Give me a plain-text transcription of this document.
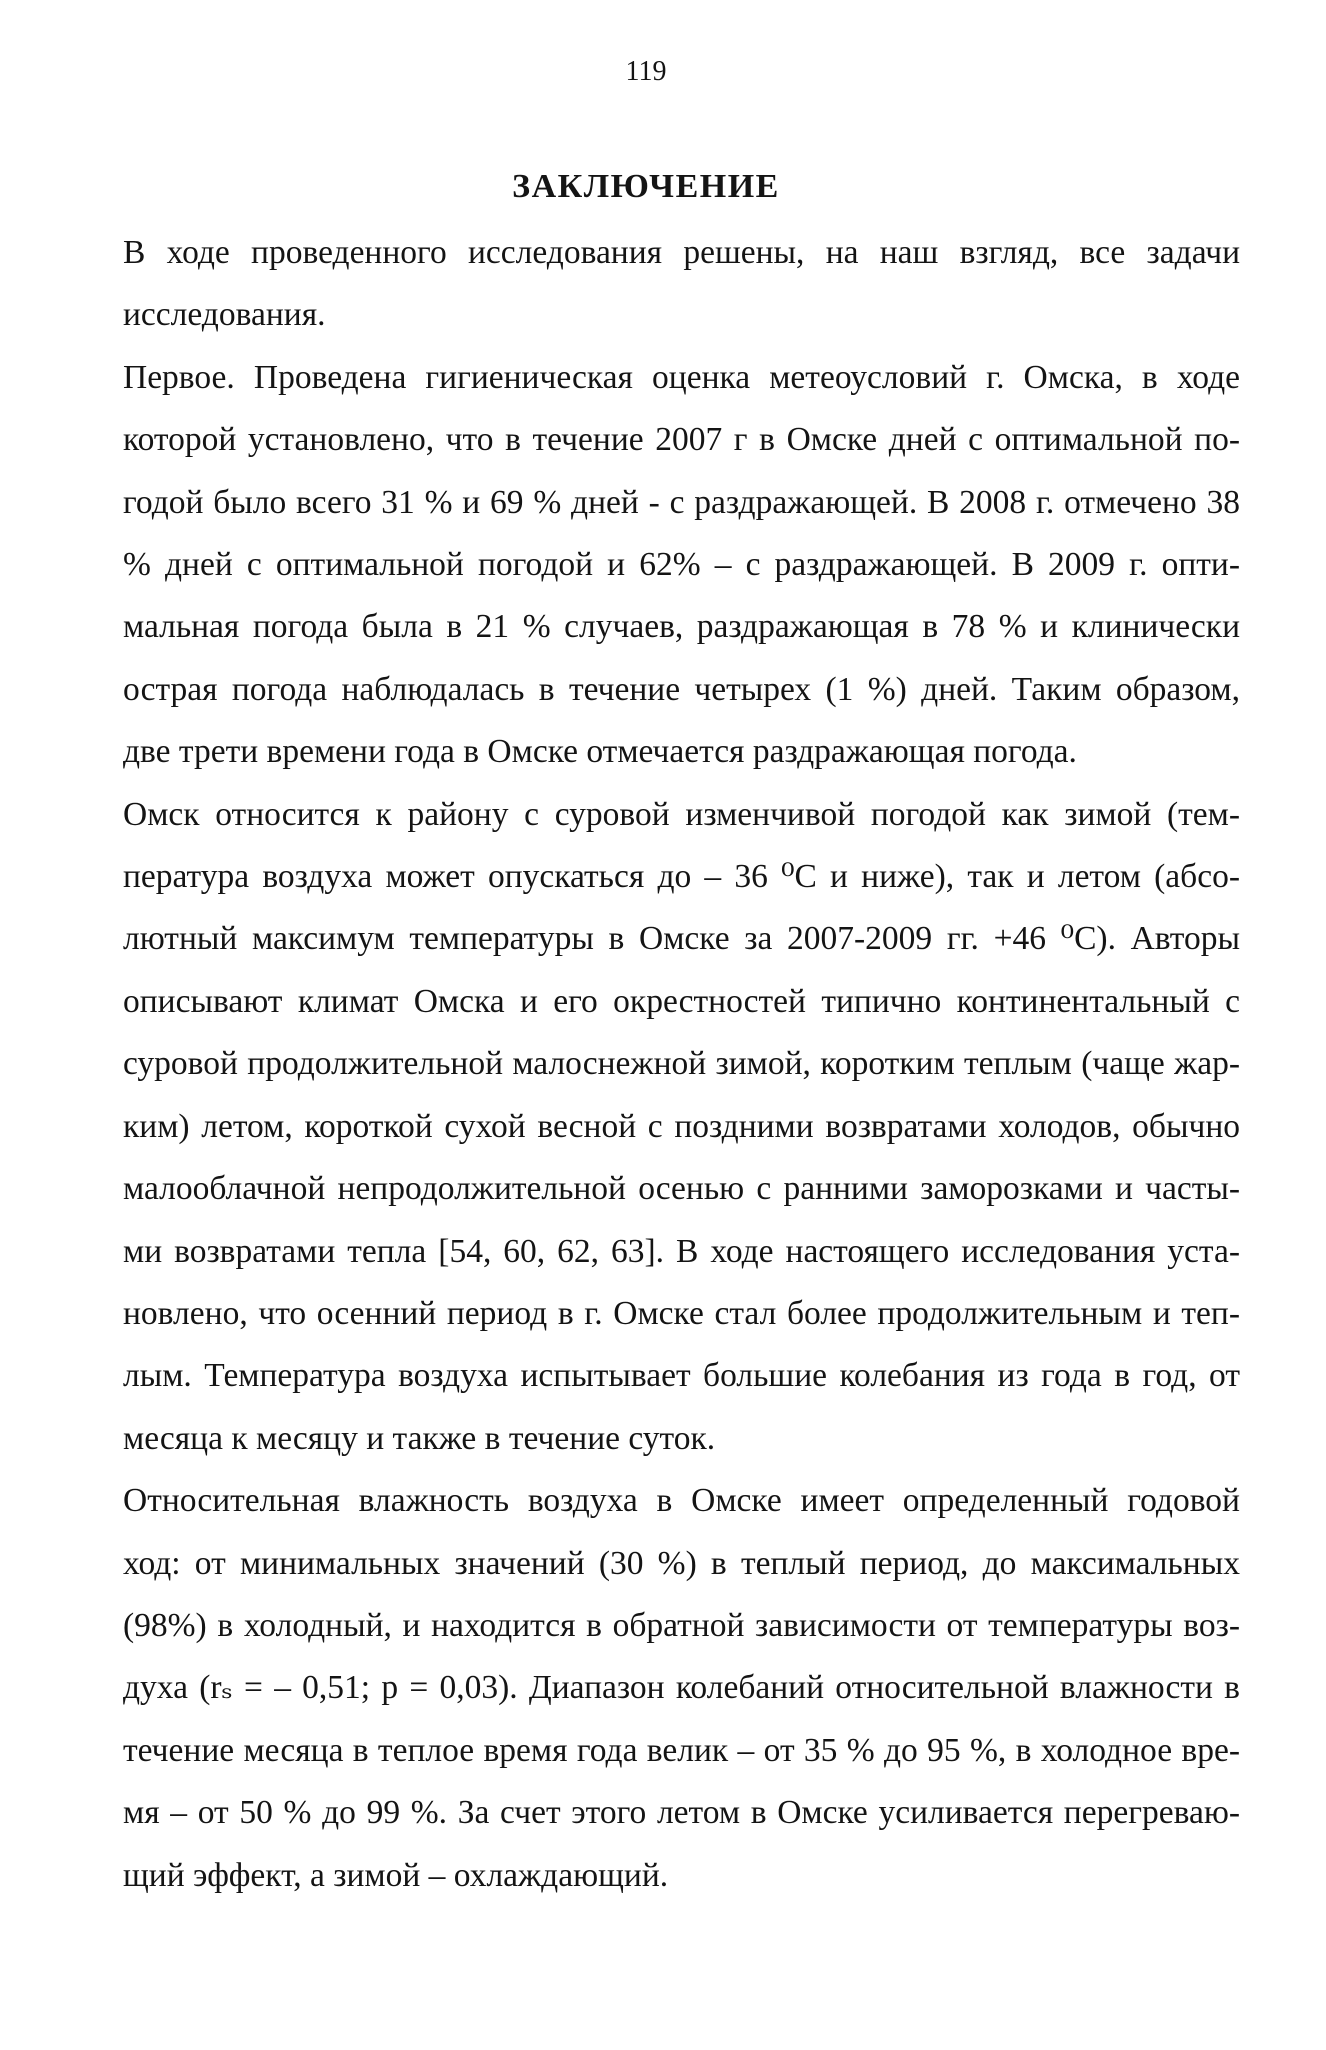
119
ЗАКЛЮЧЕНИЕ

В ходе проведенного исследования решены, на наш взгляд, все задачи
исследования.

Первое. Проведена гигиеническая оценка метеоусловий г. Омска, в ходе
которой установлено, что в течение 2007 г в Омске дней с оптимальной по-
годой было всего 31 % и 69 % дней - с раздражающей. В 2008 г. отмечено 38
% дней с оптимальной погодой и 62% – с раздражающей. В 2009 г. опти-
мальная погода была в 21 % случаев, раздражающая в 78 % и клинически
острая погода наблюдалась в течение четырех (1 %) дней. Таким образом,
две трети времени года в Омске отмечается раздражающая погода.

Омск относится к району с суровой изменчивой погодой как зимой (тем-
пература воздуха может опускаться до – 36 ⁰С и ниже), так и летом (абсо-
лютный максимум температуры в Омске за 2007-2009 гг. +46 ⁰С). Авторы
описывают климат Омска и его окрестностей типично континентальный с
суровой продолжительной малоснежной зимой, коротким теплым (чаще жар-
ким) летом, короткой сухой весной с поздними возвратами холодов, обычно
малооблачной непродолжительной осенью с ранними заморозками и часты-
ми возвратами тепла [54, 60, 62, 63]. В ходе настоящего исследования уста-
новлено, что осенний период в г. Омске стал более продолжительным и теп-
лым. Температура воздуха испытывает большие колебания из года в год, от
месяца к месяцу и также в течение суток.

Относительная влажность воздуха в Омске имеет определенный годовой
ход: от минимальных значений (30 %) в теплый период, до максимальных
(98%) в холодный, и находится в обратной зависимости от температуры воз-
духа (rₛ = – 0,51; p = 0,03). Диапазон колебаний относительной влажности в
течение месяца в теплое время года велик – от 35 % до 95 %, в холодное вре-
мя – от 50 % до 99 %. За счет этого летом в Омске усиливается перегреваю-
щий эффект, а зимой – охлаждающий.
